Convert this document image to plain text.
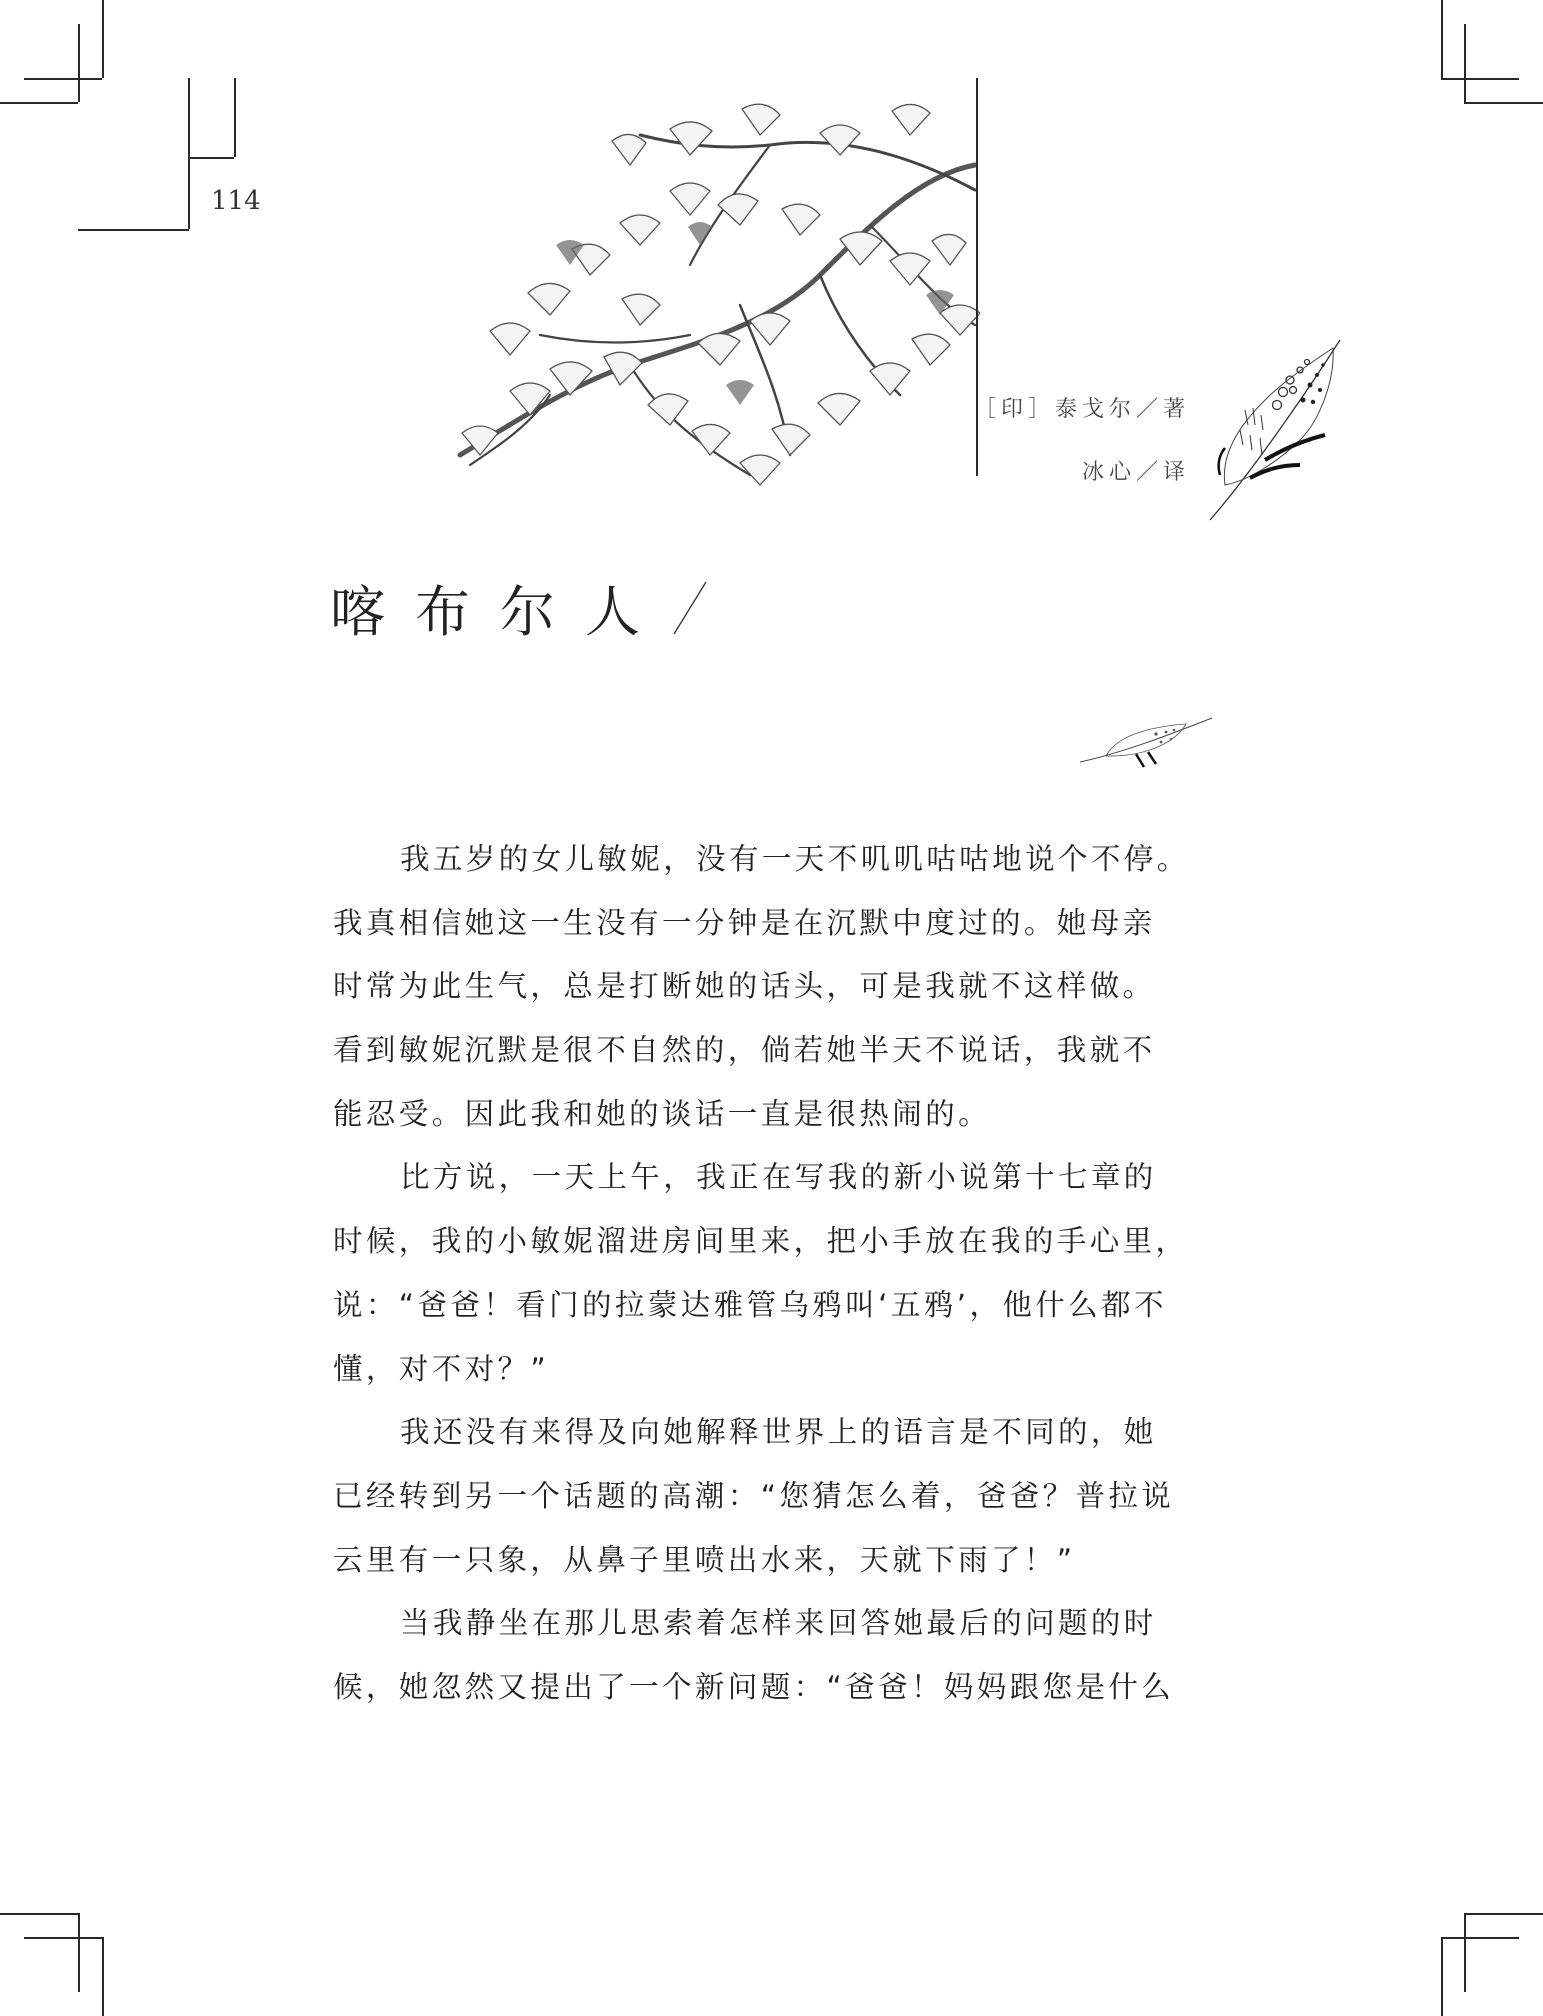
114
［印］泰戈尔／著
冰心／译
喀布尔人
我五岁的女儿敏妮，没有一天不叽叽咕咕地说个不停。
我真相信她这一生没有一分钟是在沉默中度过的。她母亲
时常为此生气，总是打断她的话头，可是我就不这样做。
看到敏妮沉默是很不自然的，倘若她半天不说话，我就不
能忍受。因此我和她的谈话一直是很热闹的。
比方说，一天上午，我正在写我的新小说第十七章的
时候，我的小敏妮溜进房间里来，把小手放在我的手心里，
说：“爸爸！看门的拉蒙达雅管乌鸦叫‘五鸦’，他什么都不
懂，对不对？”
我还没有来得及向她解释世界上的语言是不同的，她
已经转到另一个话题的高潮：“您猜怎么着，爸爸？普拉说
云里有一只象，从鼻子里喷出水来，天就下雨了！”
当我静坐在那儿思索着怎样来回答她最后的问题的时
候，她忽然又提出了一个新问题：“爸爸！妈妈跟您是什么
